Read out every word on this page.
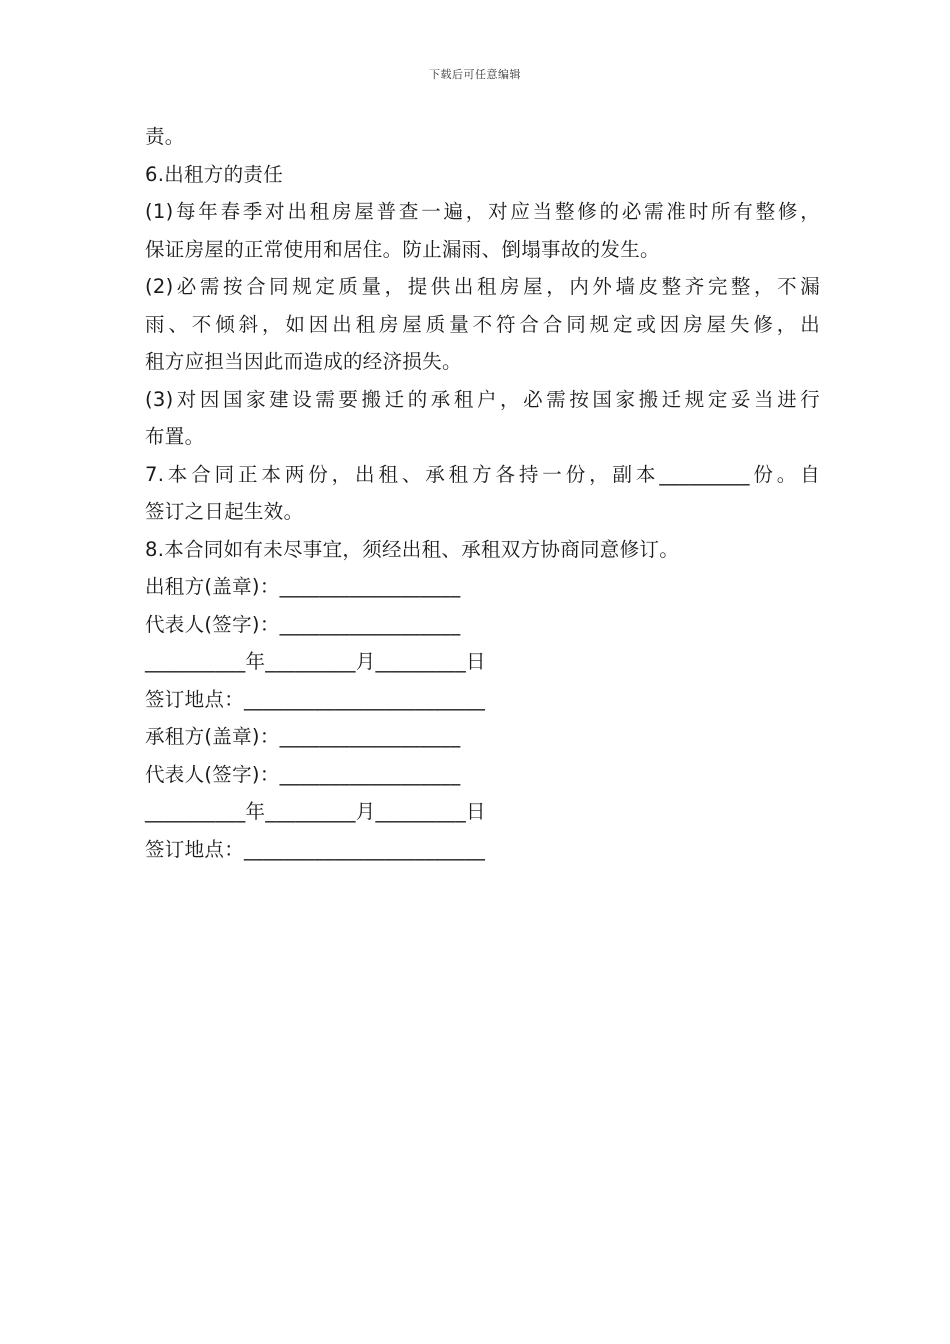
下载后可任意编辑
责。
6.出租方的责任
(1)每年春季对出租房屋普查一遍，对应当整修的必需准时所有整修，
保证房屋的正常使用和居住。防止漏雨、倒塌事故的发生。
(2)必需按合同规定质量，提供出租房屋，内外墙皮整齐完整，不漏
雨、不倾斜，如因出租房屋质量不符合合同规定或因房屋失修，出
租方应担当因此而造成的经济损失。
(3)对因国家建设需要搬迁的承租户，必需按国家搬迁规定妥当进行
布置。
7.本合同正本两份，出租、承租方各持一份，副本_________份。自
签订之日起生效。
8.本合同如有未尽事宜，须经出租、承租双方协商同意修订。
出租方(盖章)：__________________
代表人(签字)：__________________
__________年_________月_________日
签订地点：________________________
承租方(盖章)：__________________
代表人(签字)：__________________
__________年_________月_________日
签订地点：________________________
